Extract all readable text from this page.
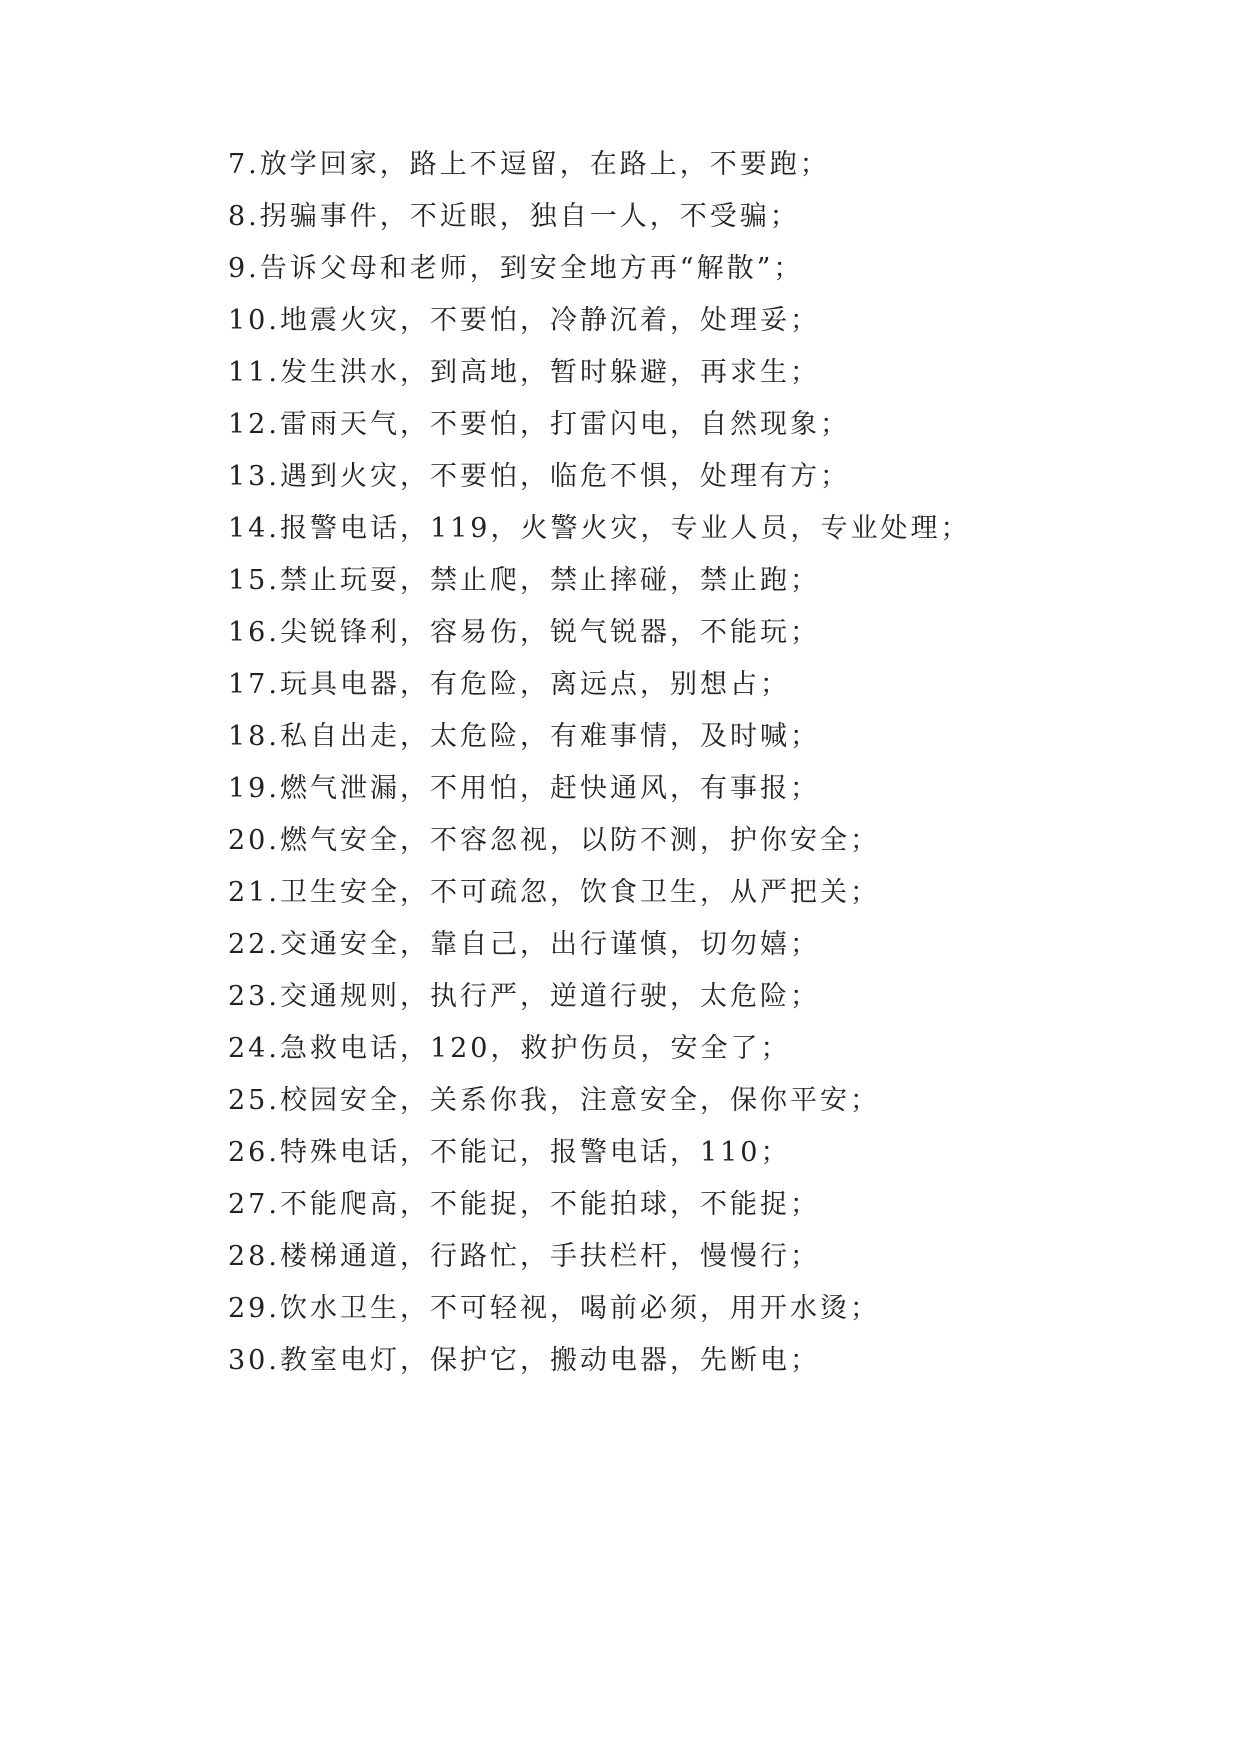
7.放学回家，路上不逗留，在路上，不要跑；
8.拐骗事件，不近眼，独自一人，不受骗；
9.告诉父母和老师，到安全地方再“解散”；
10.地震火灾，不要怕，冷静沉着，处理妥；
11.发生洪水，到高地，暂时躲避，再求生；
12.雷雨天气，不要怕，打雷闪电，自然现象；
13.遇到火灾，不要怕，临危不惧，处理有方；
14.报警电话，119，火警火灾，专业人员，专业处理；
15.禁止玩耍，禁止爬，禁止摔碰，禁止跑；
16.尖锐锋利，容易伤，锐气锐器，不能玩；
17.玩具电器，有危险，离远点，别想占；
18.私自出走，太危险，有难事情，及时喊；
19.燃气泄漏，不用怕，赶快通风，有事报；
20.燃气安全，不容忽视，以防不测，护你安全；
21.卫生安全，不可疏忽，饮食卫生，从严把关；
22.交通安全，靠自己，出行谨慎，切勿嬉；
23.交通规则，执行严，逆道行驶，太危险；
24.急救电话，120，救护伤员，安全了；
25.校园安全，关系你我，注意安全，保你平安；
26.特殊电话，不能记，报警电话，110；
27.不能爬高，不能捉，不能拍球，不能捉；
28.楼梯通道，行路忙，手扶栏杆，慢慢行；
29.饮水卫生，不可轻视，喝前必须，用开水烫；
30.教室电灯，保护它，搬动电器，先断电；
